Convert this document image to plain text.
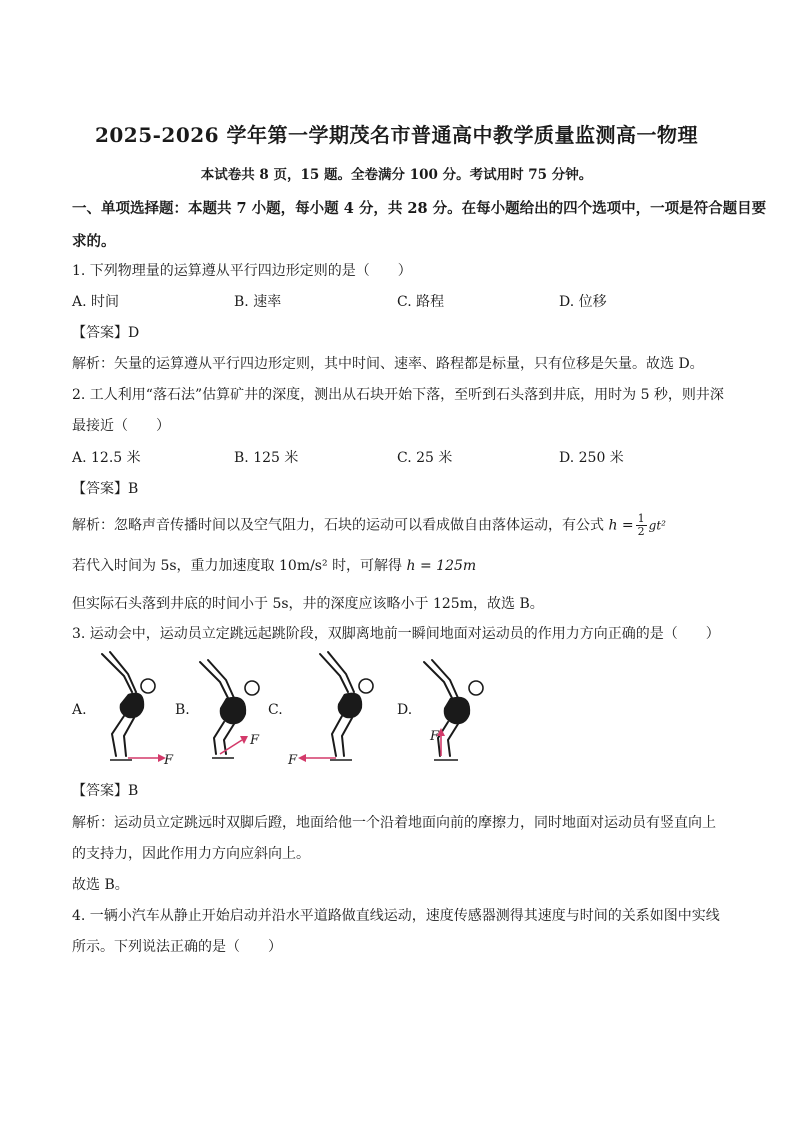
2025-2026 学年第一学期茂名市普通高中教学质量监测高一物理
本试卷共 8 页，15 题。全卷满分 100 分。考试用时 75 分钟。
一、单项选择题：本题共 7 小题，每小题 4 分，共 28 分。在每小题给出的四个选项中，一项是符合题目要
求的。
1. 下列物理量的运算遵从平行四边形定则的是（　　）
A. 时间	B. 速率	C. 路程	D. 位移
【答案】D
解析：矢量的运算遵从平行四边形定则，其中时间、速率、路程都是标量，只有位移是矢量。故选 D。
2. 工人利用“落石法”估算矿井的深度，测出从石块开始下落，至听到石头落到井底，用时为 5 秒，则井深
最接近（　　）
A. 12.5 米	B. 125 米	C. 25 米	D. 250 米
【答案】B
解析：忽略声音传播时间以及空气阻力，石块的运动可以看成做自由落体运动，有公式 $h = \frac{1}{2} gt^2$
若代入时间为 5s，重力加速度取 10m/s² 时，可解得 h = 125m
但实际石头落到井底的时间小于 5s，井的深度应该略小于 125m，故选 B。
3. 运动会中，运动员立定跳远起跳阶段，双脚离地前一瞬间地面对运动员的作用力方向正确的是（　　）
A.	B.	C.	D.
F
F
F
F
【答案】B
解析：运动员立定跳远时双脚后蹬，地面给他一个沿着地面向前的摩擦力，同时地面对运动员有竖直向上
的支持力，因此作用力方向应斜向上。
故选 B。
4. 一辆小汽车从静止开始启动并沿水平道路做直线运动，速度传感器测得其速度与时间的关系如图中实线
所示。下列说法正确的是（　　）
